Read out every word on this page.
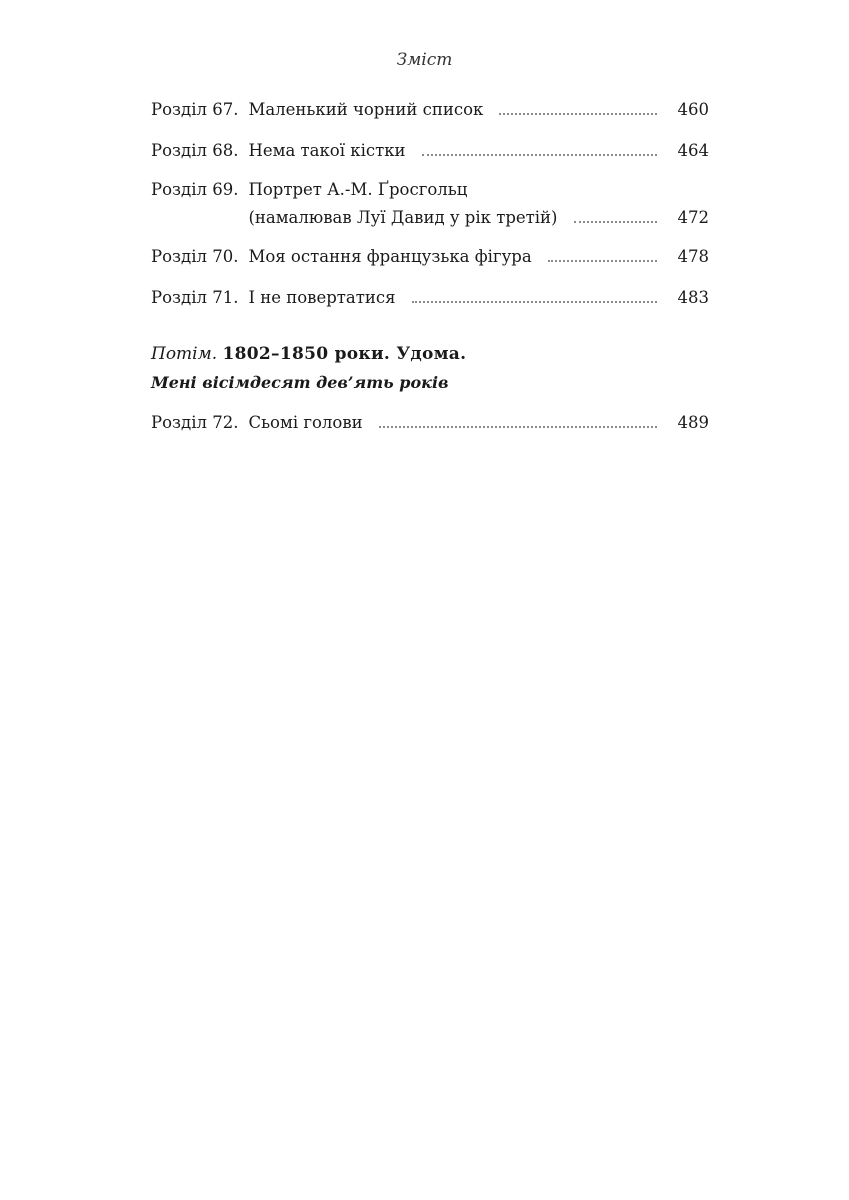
Зміст
Розділ 67. Маленький чорний список	460
Розділ 68. Нема такої кістки	464
Розділ 69. Портрет А.-М. Ґросгольц
(намалював Луї Давид у рік третій)	472
Розділ 70. Моя остання французька фігура	478
Розділ 71. І не повертатися	483
Потім. 1802–1850 роки. Удома.
Мені вісімдесят дев’ять років
Розділ 72. Сьомі голови	489
